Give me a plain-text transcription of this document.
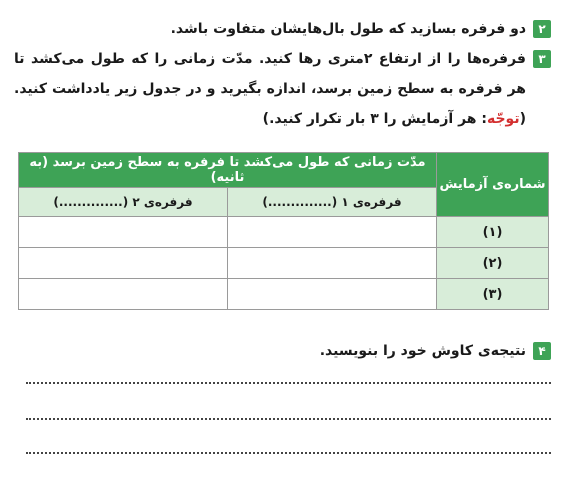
۲
دو فرفره بسازید که طول بال‌هایشان متفاوت باشد.
۳
فرفره‌ها را از ارتفاع ۲متری رها کنید. مدّت زمانی را که طول می‌کشد تا هر فرفره به سطح زمین برسد، اندازه بگیرید و در جدول زیر یادداشت کنید. (توجّه: هر آزمایش را ۳ بار تکرار کنید.)
شماره‌ی آزمایش	مدّت زمانی که طول می‌کشد تا فرفره به سطح زمین برسد (به ثانیه)	
	فرفره‌ی ۱ (..............)	فرفره‌ی ۲ (..............)
(۱)		
(۲)		
(۳)		
۴
نتیجه‌ی کاوش خود را بنویسید.
